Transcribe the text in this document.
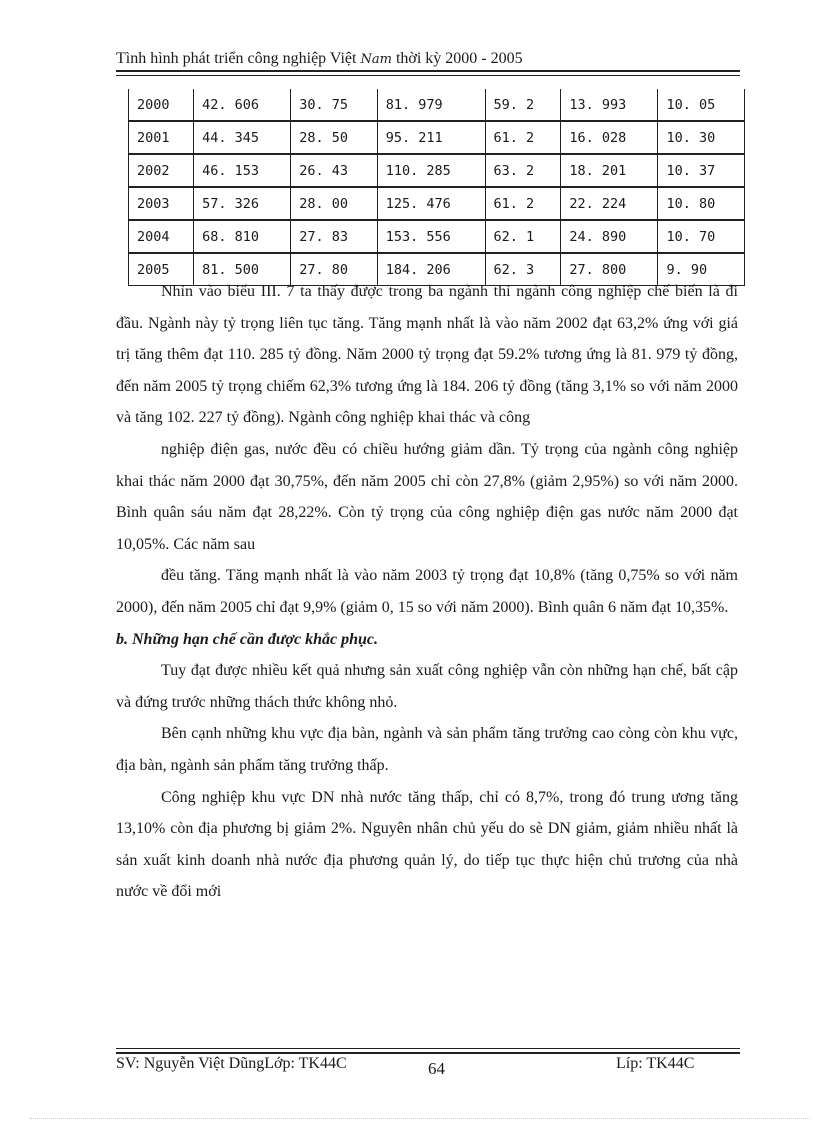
Tình hình phát triển công nghiệp Việt Nam thời kỳ 2000 - 2005
2000	42. 606	30. 75	81. 979	59. 2	13. 993	10. 05
2001	44. 345	28. 50	95. 211	61. 2	16. 028	10. 30
2002	46. 153	26. 43	110. 285	63. 2	18. 201	10. 37
2003	57. 326	28. 00	125. 476	61. 2	22. 224	10. 80
2004	68. 810	27. 83	153. 556	62. 1	24. 890	10. 70
2005	81. 500	27. 80	184. 206	62. 3	27. 800	9. 90

Nhìn vào biểu III. 7 ta thấy được trong ba ngành thì ngành công nghiệp chế biến là đi đầu. Ngành này tỷ trọng liên tục tăng. Tăng mạnh nhất là vào năm 2002 đạt 63,2% ứng với giá trị tăng thêm đạt 110. 285 tỷ đồng. Năm 2000 tỷ trọng đạt 59.2% tương ứng là 81. 979 tỷ đồng, đến năm 2005 tỷ trọng chiếm 62,3% tương ứng là 184. 206 tỷ đồng (tăng 3,1% so với năm 2000 và tăng 102. 227 tỷ đồng). Ngành công nghiệp khai thác và công

nghiệp điện gas, nước đều có chiều hướng giảm dần. Tỷ trọng của ngành công nghiệp khai thác năm 2000 đạt 30,75%, đến năm 2005 chỉ còn 27,8% (giảm 2,95%) so với năm 2000. Bình quân sáu năm đạt 28,22%. Còn tỷ trọng của công nghiệp điện gas nước năm 2000 đạt 10,05%. Các năm sau

đều tăng. Tăng mạnh nhất là vào năm 2003 tỷ trọng đạt 10,8% (tăng 0,75% so với năm 2000), đến năm 2005 chỉ đạt 9,9% (giảm 0, 15 so với năm 2000). Bình quân 6 năm đạt 10,35%.

b. Những hạn chế cần được khắc phục.

Tuy đạt được nhiều kết quả nhưng sản xuất công nghiệp vẫn còn những hạn chế, bất cập và đứng trước những thách thức không nhỏ.

Bên cạnh những khu vực địa bàn, ngành và sản phẩm tăng trưởng cao còng còn khu vực, địa bàn, ngành sản phẩm tăng trưởng thấp.

Công nghiệp khu vực DN nhà nước tăng thấp, chỉ có 8,7%, trong đó trung ương tăng 13,10% còn địa phương bị giảm 2%. Nguyên nhân chủ yếu do sè DN giảm, giảm nhiều nhất là sản xuất kinh doanh nhà nước địa phương quản lý, do tiếp tục thực hiện chủ trương của nhà nước về đổi mới

SV: Nguyễn Việt DũngLớp: TK44C	64	Líp: TK44C
